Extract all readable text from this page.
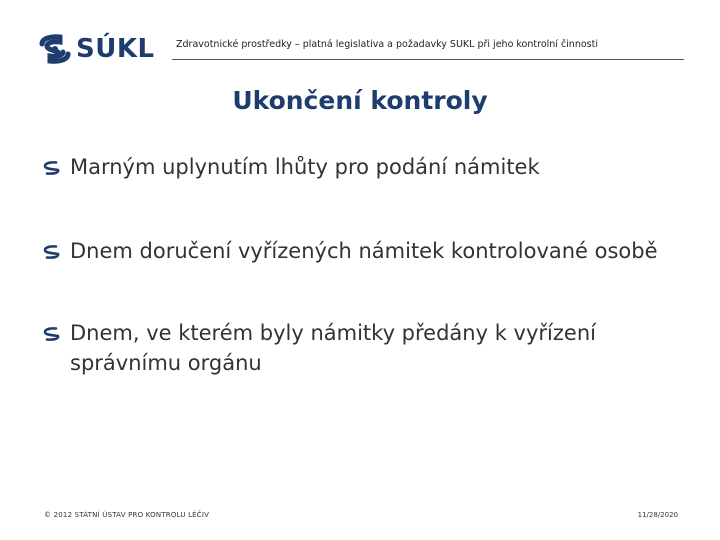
SÚKL Zdravotnické prostředky – platná legislativa a požadavky SÚKL při jeho kontrolní činnosti
Ukončení kontroly
Marným uplynutím lhůty pro podání námitek
Dnem doručení vyřízených námitek kontrolované osobě
Dnem, ve kterém byly námitky předány k vyřízení správnímu orgánu
© 2012 STÁTNÍ ÚSTAV PRO KONTROLU LÉČIV	11/28/2020
